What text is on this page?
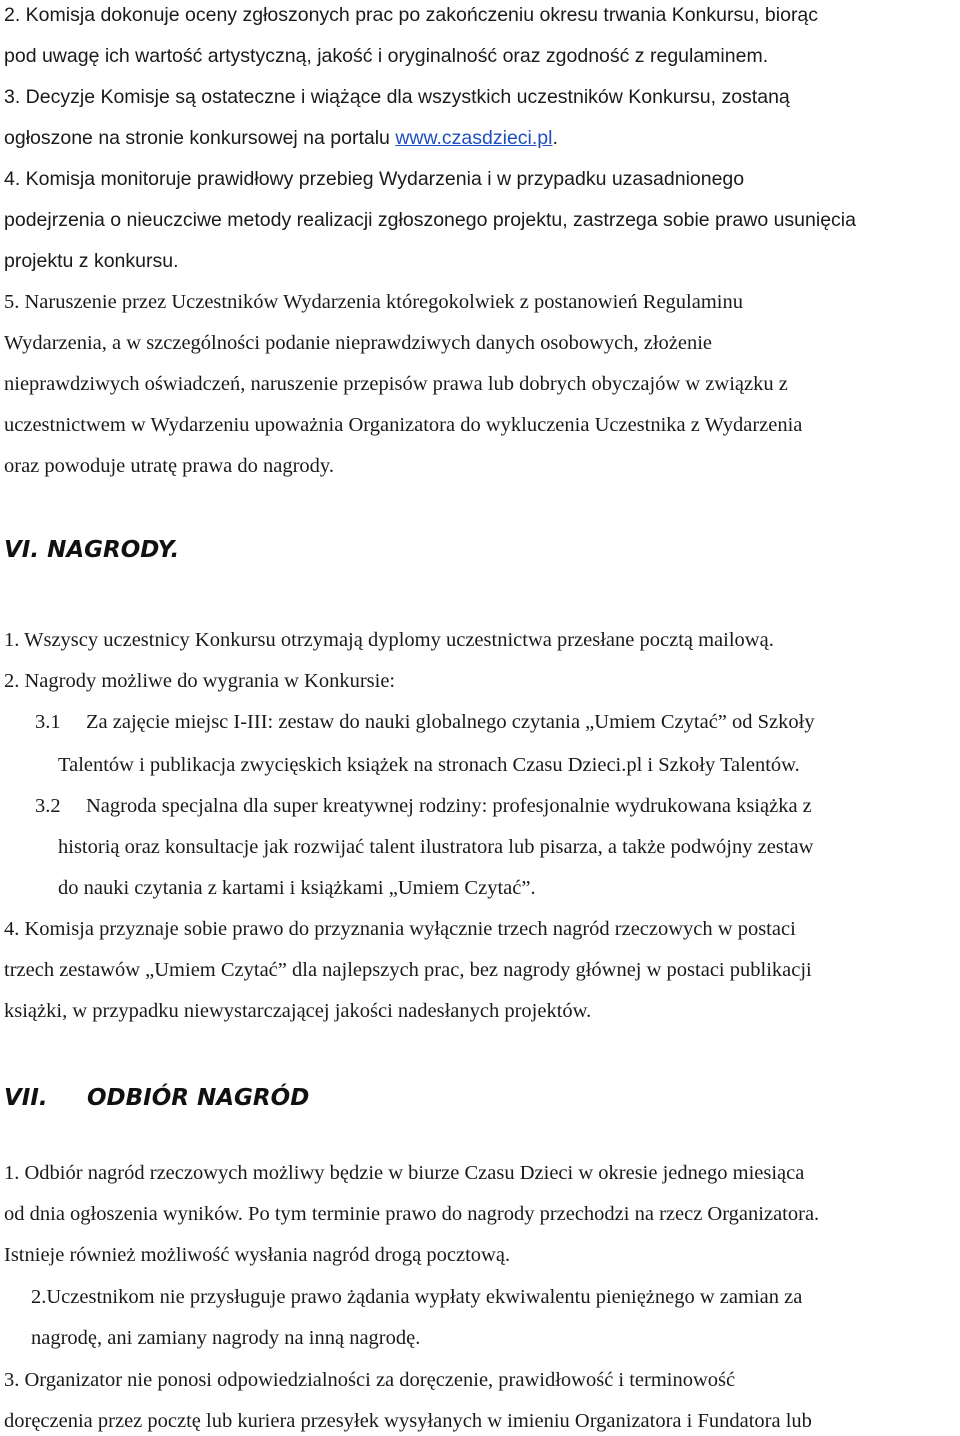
2. Komisja dokonuje oceny zgłoszonych prac po zakończeniu okresu trwania Konkursu, biorąc
pod uwagę ich wartość artystyczną, jakość i oryginalność oraz zgodność z regulaminem.
3. Decyzje Komisje są ostateczne i wiążące dla wszystkich uczestników Konkursu, zostaną
ogłoszone na stronie konkursowej na portalu www.czasdzieci.pl.
4. Komisja monitoruje prawidłowy przebieg Wydarzenia i w przypadku uzasadnionego
podejrzenia o nieuczciwe metody realizacji zgłoszonego projektu, zastrzega sobie prawo usunięcia
projektu z konkursu.
5. Naruszenie przez Uczestników Wydarzenia któregokolwiek z postanowień Regulaminu
Wydarzenia, a w szczególności podanie nieprawdziwych danych osobowych, złożenie
nieprawdziwych oświadczeń, naruszenie przepisów prawa lub dobrych obyczajów w związku z
uczestnictwem w Wydarzeniu upoważnia Organizatora do wykluczenia Uczestnika z Wydarzenia
oraz powoduje utratę prawa do nagrody.
VI. NAGRODY.
1. Wszyscy uczestnicy Konkursu otrzymają dyplomy uczestnictwa przesłane pocztą mailową.
2. Nagrody możliwe do wygrania w Konkursie:
3.1 Za zajęcie miejsc I-III: zestaw do nauki globalnego czytania „Umiem Czytać” od Szkoły
Talentów i publikacja zwycięskich książek na stronach Czasu Dzieci.pl i Szkoły Talentów.
3.2 Nagroda specjalna dla super kreatywnej rodziny: profesjonalnie wydrukowana książka z
historią oraz konsultacje jak rozwijać talent ilustratora lub pisarza, a także podwójny zestaw
do nauki czytania z kartami i książkami „Umiem Czytać”.
4. Komisja przyznaje sobie prawo do przyznania wyłącznie trzech nagród rzeczowych w postaci
trzech zestawów „Umiem Czytać” dla najlepszych prac, bez nagrody głównej w postaci publikacji
książki, w przypadku niewystarczającej jakości nadesłanych projektów.
VII. ODBIÓR NAGRÓD
1. Odbiór nagród rzeczowych możliwy będzie w biurze Czasu Dzieci w okresie jednego miesiąca
od dnia ogłoszenia wyników. Po tym terminie prawo do nagrody przechodzi na rzecz Organizatora.
Istnieje również możliwość wysłania nagród drogą pocztową.
2.Uczestnikom nie przysługuje prawo żądania wypłaty ekwiwalentu pieniężnego w zamian za
nagrodę, ani zamiany nagrody na inną nagrodę.
3. Organizator nie ponosi odpowiedzialności za doręczenie, prawidłowość i terminowość
doręczenia przez pocztę lub kuriera przesyłek wysyłanych w imieniu Organizatora i Fundatora lub
